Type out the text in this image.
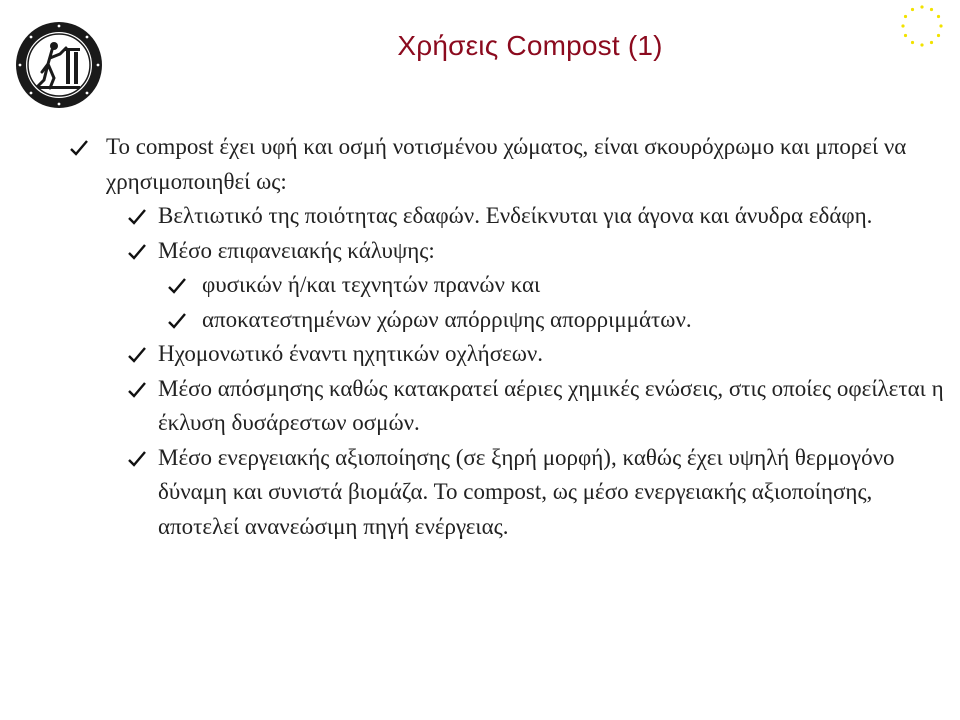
Χρήσεις Compost (1)
Το compost έχει υφή και οσμή νοτισμένου χώματος, είναι σκουρόχρωμο και μπορεί να χρησιμοποιηθεί ως:
Βελτιωτικό της ποιότητας εδαφών. Ενδείκνυται για άγονα και άνυδρα εδάφη.
Μέσο επιφανειακής κάλυψης:
φυσικών ή/και τεχνητών πρανών και
αποκατεστημένων χώρων απόρριψης απορριμμάτων.
Ηχομονωτικό έναντι ηχητικών οχλήσεων.
Μέσο απόσμησης καθώς κατακρατεί αέριες χημικές ενώσεις, στις οποίες οφείλεται η έκλυση δυσάρεστων οσμών.
Μέσο ενεργειακής αξιοποίησης (σε ξηρή μορφή), καθώς έχει υψηλή θερμογόνο δύναμη και συνιστά βιομάζα. Το compost, ως μέσο ενεργειακής αξιοποίησης, αποτελεί ανανεώσιμη πηγή ενέργειας.
